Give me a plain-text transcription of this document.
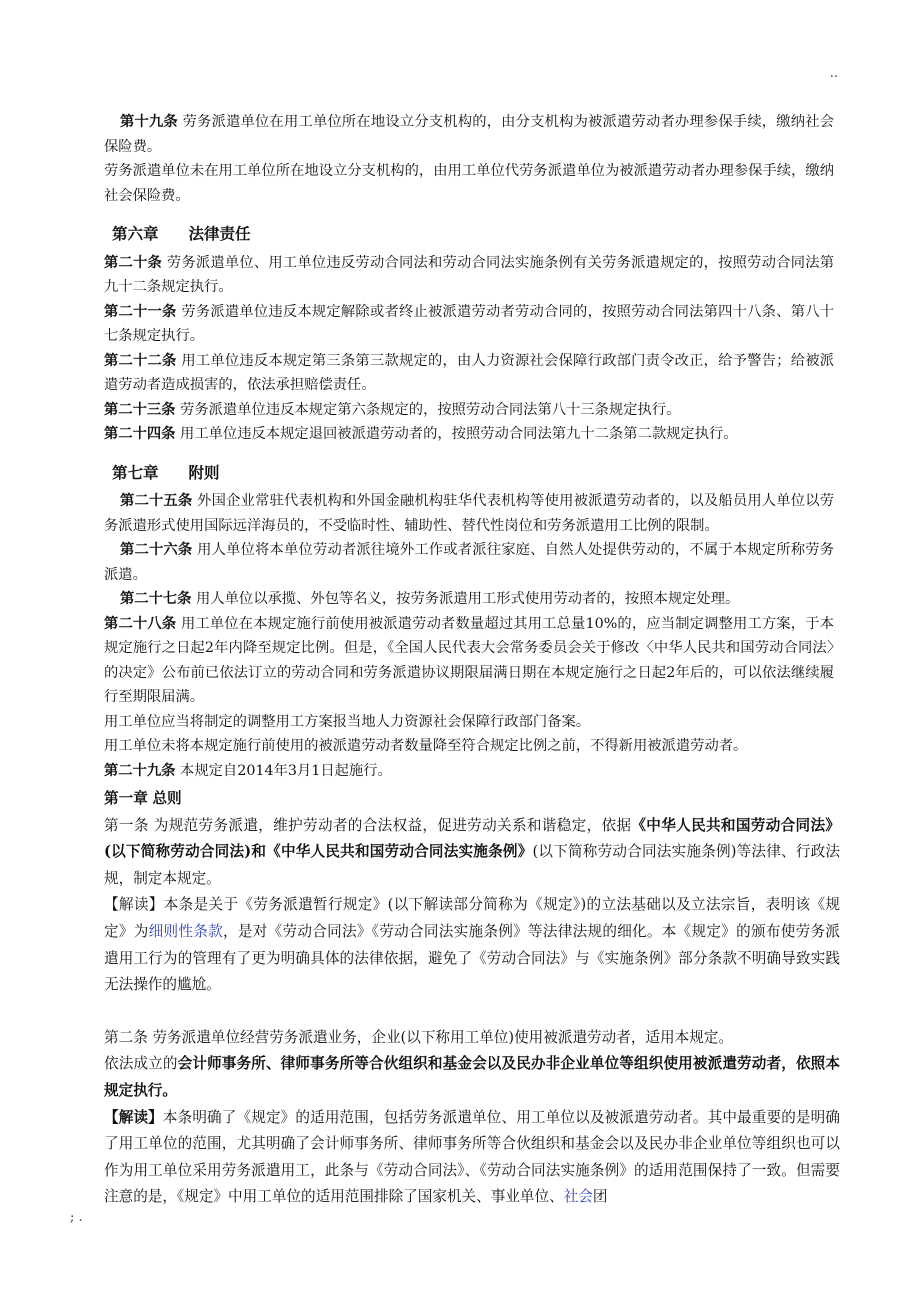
..

第十九条 劳务派遣单位在用工单位所在地设立分支机构的，由分支机构为被派遣劳动者办理参保手续，缴纳社会保险费。

劳务派遣单位未在用工单位所在地设立分支机构的，由用工单位代劳务派遣单位为被派遣劳动者办理参保手续，缴纳社会保险费。

第六章 法律责任

第二十条 劳务派遣单位、用工单位违反劳动合同法和劳动合同法实施条例有关劳务派遣规定的，按照劳动合同法第九十二条规定执行。

第二十一条 劳务派遣单位违反本规定解除或者终止被派遣劳动者劳动合同的，按照劳动合同法第四十八条、第八十七条规定执行。

第二十二条 用工单位违反本规定第三条第三款规定的，由人力资源社会保障行政部门责令改正，给予警告；给被派遣劳动者造成损害的，依法承担赔偿责任。

第二十三条 劳务派遣单位违反本规定第六条规定的，按照劳动合同法第八十三条规定执行。

第二十四条 用工单位违反本规定退回被派遣劳动者的，按照劳动合同法第九十二条第二款规定执行。

第七章 附则

第二十五条 外国企业常驻代表机构和外国金融机构驻华代表机构等使用被派遣劳动者的，以及船员用人单位以劳务派遣形式使用国际远洋海员的，不受临时性、辅助性、替代性岗位和劳务派遣用工比例的限制。

第二十六条 用人单位将本单位劳动者派往境外工作或者派往家庭、自然人处提供劳动的，不属于本规定所称劳务派遣。

第二十七条 用人单位以承揽、外包等名义，按劳务派遣用工形式使用劳动者的，按照本规定处理。

第二十八条 用工单位在本规定施行前使用被派遣劳动者数量超过其用工总量10%的，应当制定调整用工方案，于本规定施行之日起2年内降至规定比例。但是，《全国人民代表大会常务委员会关于修改〈中华人民共和国劳动合同法〉的决定》公布前已依法订立的劳动合同和劳务派遣协议期限届满日期在本规定施行之日起2年后的，可以依法继续履行至期限届满。

用工单位应当将制定的调整用工方案报当地人力资源社会保障行政部门备案。

用工单位未将本规定施行前使用的被派遣劳动者数量降至符合规定比例之前，不得新用被派遣劳动者。

第二十九条 本规定自2014年3月1日起施行。

第一章 总则

第一条 为规范劳务派遣，维护劳动者的合法权益，促进劳动关系和谐稳定，依据《中华人民共和国劳动合同法》(以下简称劳动合同法)和《中华人民共和国劳动合同法实施条例》(以下简称劳动合同法实施条例)等法律、行政法规，制定本规定。

【解读】本条是关于《劳务派遣暂行规定》(以下解读部分简称为《规定》)的立法基础以及立法宗旨，表明该《规定》为细则性条款，是对《劳动合同法》《劳动合同法实施条例》等法律法规的细化。本《规定》的颁布使劳务派遣用工行为的管理有了更为明确具体的法律依据，避免了《劳动合同法》与《实施条例》部分条款不明确导致实践无法操作的尴尬。

第二条 劳务派遣单位经营劳务派遣业务，企业(以下称用工单位)使用被派遣劳动者，适用本规定。

依法成立的会计师事务所、律师事务所等合伙组织和基金会以及民办非企业单位等组织使用被派遣劳动者，依照本规定执行。

【解读】本条明确了《规定》的适用范围，包括劳务派遣单位、用工单位以及被派遣劳动者。其中最重要的是明确了用工单位的范围，尤其明确了会计师事务所、律师事务所等合伙组织和基金会以及民办非企业单位等组织也可以作为用工单位采用劳务派遣用工，此条与《劳动合同法》、《劳动合同法实施条例》的适用范围保持了一致。但需要注意的是，《规定》中用工单位的适用范围排除了国家机关、事业单位、社会团

; .
